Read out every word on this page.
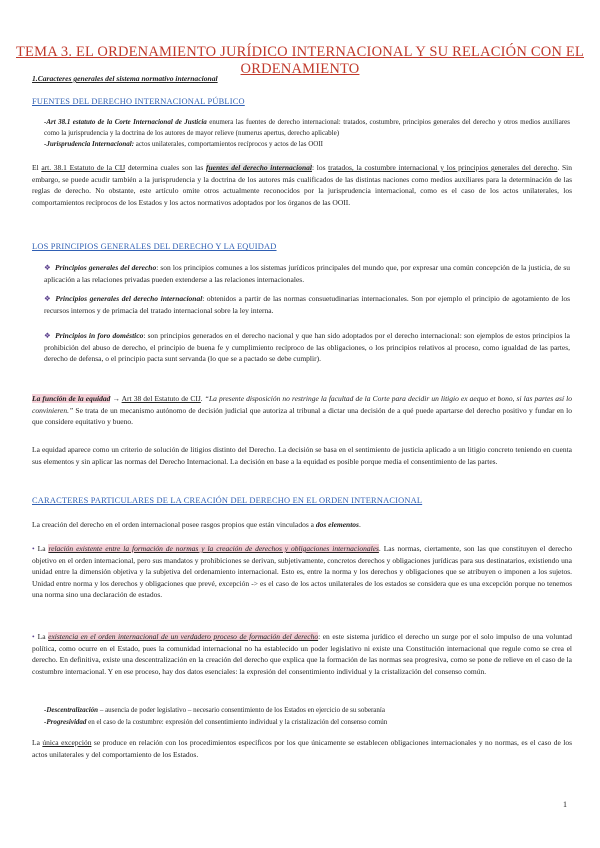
TEMA 3. EL ORDENAMIENTO JURÍDICO INTERNACIONAL Y SU RELACIÓN CON EL ORDENAMIENTO
1.Caracteres generales del sistema normativo internacional
FUENTES DEL DERECHO INTERNACIONAL PÚBLICO
-Art 38.1 estatuto de la Corte Internacional de Justicia enumera las fuentes de derecho internacional: tratados, costumbre, principios generales del derecho y otros medios auxiliares como la jurisprudencia y la doctrina de los autores de mayor relieve (numerus apertus, derecho aplicable)
-Jurisprudencia Internacional: actos unilaterales, comportamientos recíprocos y actos de las OOII
El art. 38.1 Estatuto de la CIJ determina cuales son las fuentes del derecho internacional: los tratados, la costumbre internacional y los principios generales del derecho. Sin embargo, se puede acudir también a la jurisprudencia y la doctrina de los autores más cualificados de las distintas naciones como medios auxiliares para la determinación de las reglas de derecho. No obstante, este artículo omite otros actualmente reconocidos por la jurisprudencia internacional, como es el caso de los actos unilaterales, los comportamientos recíprocos de los Estados y los actos normativos adoptados por los órganos de las OOII.
LOS PRINCIPIOS GENERALES DEL DERECHO Y LA EQUIDAD
❖ Principios generales del derecho: son los principios comunes a los sistemas jurídicos principales del mundo que, por expresar una común concepción de la justicia, de su aplicación a las relaciones privadas pueden extenderse a las relaciones internacionales.
❖ Principios generales del derecho internacional: obtenidos a partir de las normas consuetudinarias internacionales. Son por ejemplo el principio de agotamiento de los recursos internos y de primacía del tratado internacional sobre la ley interna.
❖ Principios in foro doméstico: son principios generados en el derecho nacional y que han sido adoptados por el derecho internacional: son ejemplos de estos principios la prohibición del abuso de derecho, el principio de buena fe y cumplimiento recíproco de las obligaciones, o los principios relativos al proceso, como igualdad de las partes, derecho de defensa, o el principio pacta sunt servanda (lo que se a pactado se debe cumplir).
La función de la equidad → Art 38 del Estatuto de CIJ. “La presente disposición no restringe la facultad de la Corte para decidir un litigio ex aequo et bono, si las partes así lo convinieren.” Se trata de un mecanismo autónomo de decisión judicial que autoriza al tribunal a dictar una decisión de a qué puede apartarse del derecho positivo y fundar en lo que considere equitativo y bueno.
La equidad aparece como un criterio de solución de litigios distinto del Derecho. La decisión se basa en el sentimiento de justicia aplicado a un litigio concreto teniendo en cuenta sus elementos y sin aplicar las normas del Derecho Internacional. La decisión en base a la equidad es posible porque media el consentimiento de las partes.
CARACTERES PARTICULARES DE LA CREACIÓN DEL DERECHO EN EL ORDEN INTERNACIONAL
La creación del derecho en el orden internacional posee rasgos propios que están vinculados a dos elementos.
• La relación existente entre la formación de normas y la creación de derechos y obligaciones internacionales. Las normas, ciertamente, son las que constituyen el derecho objetivo en el orden internacional, pero sus mandatos y prohibiciones se derivan, subjetivamente, concretos derechos y obligaciones jurídicas para sus destinatarios, existiendo una unidad entre la dimensión objetiva y la subjetiva del ordenamiento internacional. Esto es, entre la norma y los derechos y obligaciones que se atribuyen o imponen a los sujetos. Unidad entre norma y los derechos y obligaciones que prevé, excepción -> es el caso de los actos unilaterales de los estados se considera que es una excepción porque no tenemos una norma sino una declaración de estados.
• La existencia en el orden internacional de un verdadero proceso de formación del derecho: en este sistema jurídico el derecho un surge por el solo impulso de una voluntad política, como ocurre en el Estado, pues la comunidad internacional no ha establecido un poder legislativo ni existe una Constitución internacional que regule como se crea el derecho. En definitiva, existe una descentralización en la creación del derecho que explica que la formación de las normas sea progresiva, como se pone de relieve en el caso de la costumbre internacional. Y en ese proceso, hay dos datos esenciales: la expresión del consentimiento individual y la cristalización del consenso común.
-Descentralización – ausencia de poder legislativo – necesario consentimiento de los Estados en ejercicio de su soberanía
-Progresividad en el caso de la costumbre: expresión del consentimiento individual y la cristalización del consenso común
La única excepción se produce en relación con los procedimientos específicos por los que únicamente se establecen obligaciones internacionales y no normas, es el caso de los actos unilaterales y del comportamiento de los Estados.
1
